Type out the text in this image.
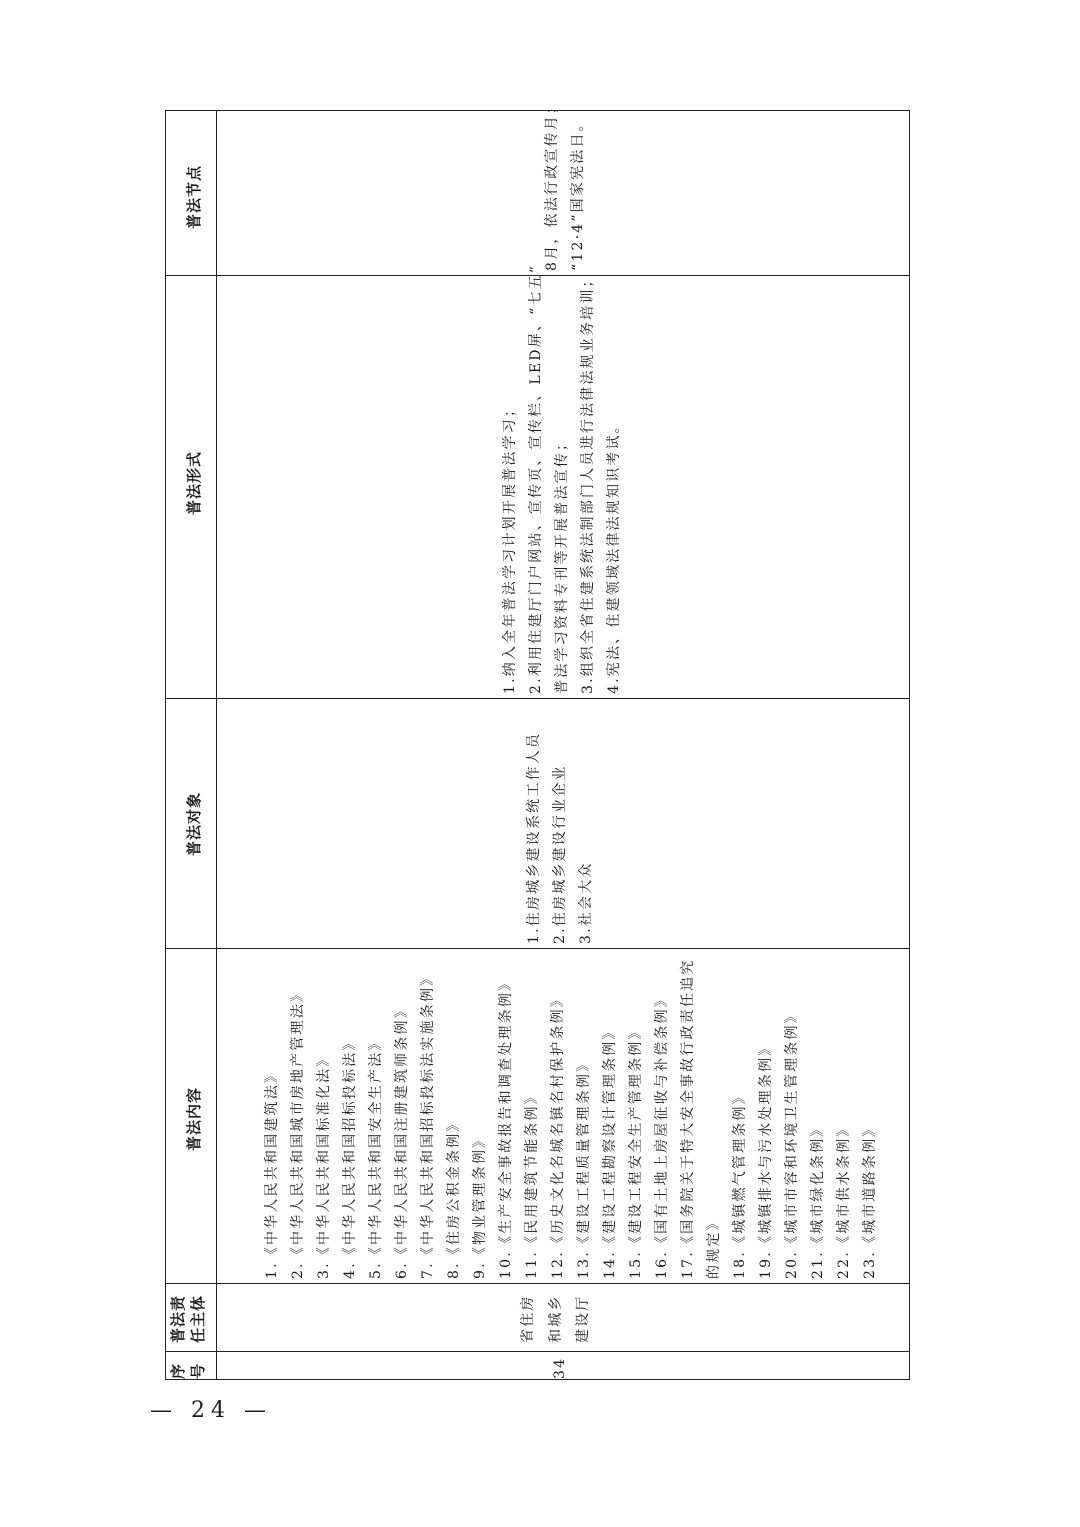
普法节点
普法形式
普法对象
普法内容
普法责任主体
序号	34
省住房 和城乡 建设厅
1.《中华人民共和国建筑法》 2.《中华人民共和国城市房地产管理法》 3.《中华人民共和国标准化法》 4.《中华人民共和国招标投标法》 5.《中华人民共和国安全生产法》 6.《中华人民共和国注册建筑师条例》 7.《中华人民共和国招标投标法实施条例》 8.《住房公积金条例》 9.《物业管理条例》 10.《生产安全事故报告和调查处理条例》 11.《民用建筑节能条例》 12.《历史文化名城名镇名村保护条例》 13.《建设工程质量管理条例》 14.《建设工程勘察设计管理条例》 15.《建设工程安全生产管理条例》 16.《国有土地上房屋征收与补偿条例》 17.《国务院关于特大安全事故行政责任追究 的规定》 18.《城镇燃气管理条例》 19.《城镇排水与污水处理条例》 20.《城市市容和环境卫生管理条例》 21.《城市绿化条例》 22.《城市供水条例》 23.《城市道路条例》
1.住房城乡建设系统工作人员 2.住房城乡建设行业企业 3.社会大众
1.纳入全年普法学习计划开展普法学习； 2.利用住建厅门户网站、宣传页、宣传栏、LED屏、“七五” 普法学习资料专刊等开展普法宣传； 3.组织全省住建系统法制部门人员进行法律法规业务培训； 4.宪法、住建领域法律法规知识考试。
8月，依法行政宣传月； “12·4”国家宪法日。
— 24 —
